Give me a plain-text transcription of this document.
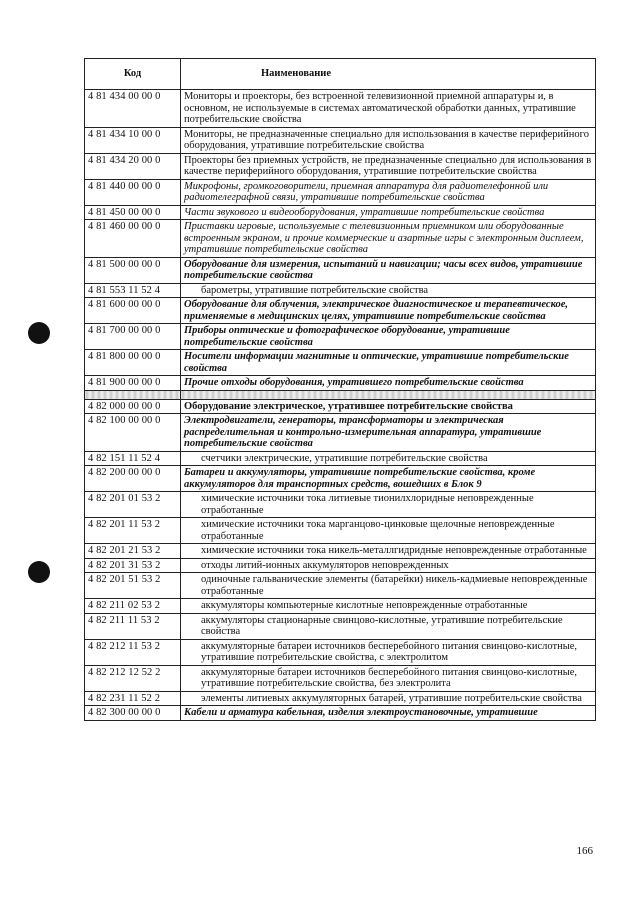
Код	Наименование
4 81 434 00 00 0	Мониторы и проекторы, без встроенной телевизионной приемной аппаратуры и, в основном, не используемые в системах автоматической обработки данных, утратившие потребительские свойства
4 81 434 10 00 0	Мониторы, не предназначенные специально для использования в качестве периферийного оборудования, утратившие потребительские свойства
4 81 434 20 00 0	Проекторы без приемных устройств, не предназначенные специально для использования в качестве периферийного оборудования, утратившие потребительские свойства
4 81 440 00 00 0	Микрофоны, громкоговорители, приемная аппаратура для радиотелефонной или радиотелеграфной связи, утратившие потребительские свойства
4 81 450 00 00 0	Части звукового и видеооборудования, утратившие потребительские свойства
4 81 460 00 00 0	Приставки игровые, используемые с телевизионным приемником или оборудованные встроенным экраном, и прочие коммерческие и азартные игры с электронным дисплеем, утратившие потребительские свойства
4 81 500 00 00 0	Оборудование для измерения, испытаний и навигации; часы всех видов, утратившие потребительские свойства
4 81 553 11 52 4	барометры, утратившие потребительские свойства
4 81 600 00 00 0	Оборудование для облучения, электрическое диагностическое и терапевтическое, применяемые в медицинских целях, утратившие потребительские свойства
4 81 700 00 00 0	Приборы оптические и фотографическое оборудование, утратившие потребительские свойства
4 81 800 00 00 0	Носители информации магнитные и оптические, утратившие потребительские свойства
4 81 900 00 00 0	Прочие отходы оборудования, утратившего потребительские свойства

4 82 000 00 00 0	Оборудование электрическое, утратившее потребительские свойства
4 82 100 00 00 0	Электродвигатели, генераторы, трансформаторы и электрическая распределительная и контрольно-измерительная аппаратура, утратившие потребительские свойства
4 82 151 11 52 4	счетчики электрические, утратившие потребительские свойства
4 82 200 00 00 0	Батареи и аккумуляторы, утратившие потребительские свойства, кроме аккумуляторов для транспортных средств, вошедших в Блок 9
4 82 201 01 53 2	химические источники тока литиевые тионилхлоридные неповрежденные отработанные
4 82 201 11 53 2	химические источники тока марганцово-цинковые щелочные неповрежденные отработанные
4 82 201 21 53 2	химические источники тока никель-металлгидридные неповрежденные отработанные
4 82 201 31 53 2	отходы литий-ионных аккумуляторов неповрежденных
4 82 201 51 53 2	одиночные гальванические элементы (батарейки) никель-кадмиевые неповрежденные отработанные
4 82 211 02 53 2	аккумуляторы компьютерные кислотные неповрежденные отработанные
4 82 211 11 53 2	аккумуляторы стационарные свинцово-кислотные, утратившие потребительские свойства
4 82 212 11 53 2	аккумуляторные батареи источников бесперебойного питания свинцово-кислотные, утратившие потребительские свойства, с электролитом
4 82 212 12 52 2	аккумуляторные батареи источников бесперебойного питания свинцово-кислотные, утратившие потребительские свойства, без электролита
4 82 231 11 52 2	элементы литиевых аккумуляторных батарей, утратившие потребительские свойства
4 82 300 00 00 0	Кабели и арматура кабельная, изделия электроустановочные, утратившие
166
